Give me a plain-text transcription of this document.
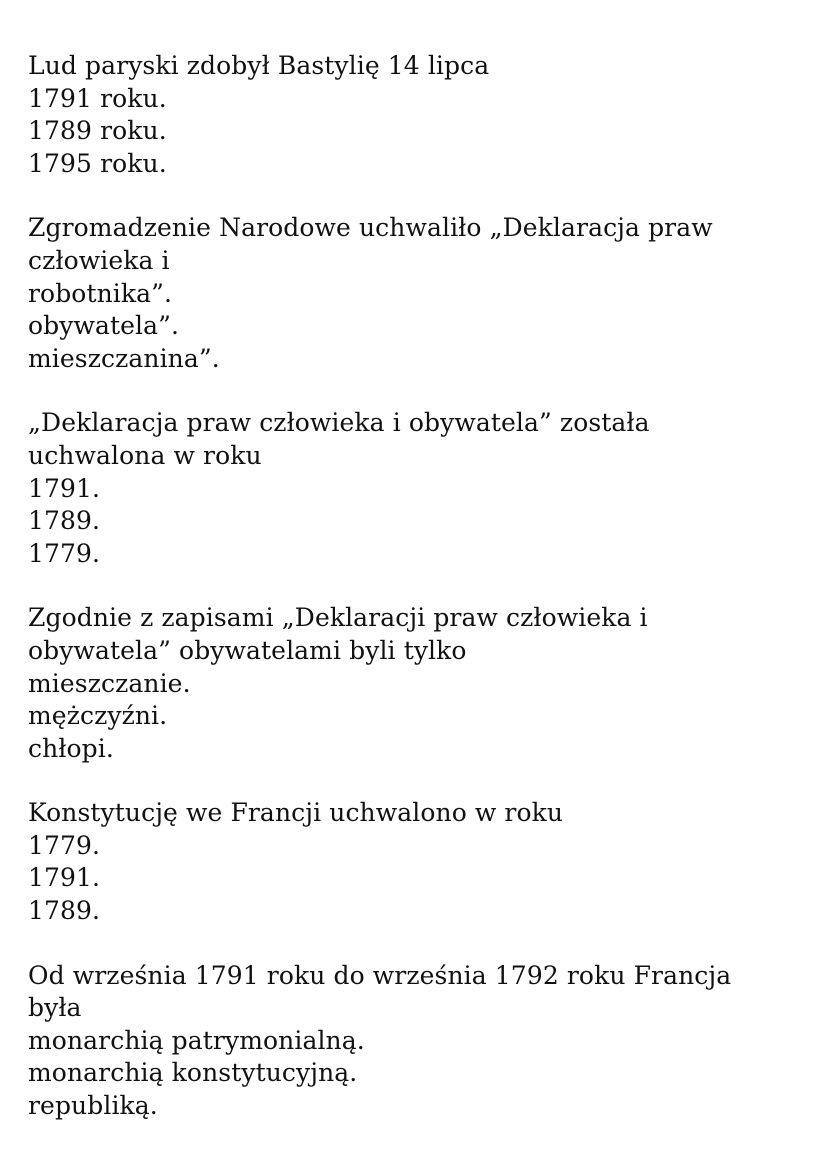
Lud paryski zdobył Bastylię 14 lipca
1791 roku.
1789 roku.
1795 roku.
Zgromadzenie Narodowe uchwaliło „Deklaracja praw
człowieka i
robotnika”.
obywatela”.
mieszczanina”.
„Deklaracja praw człowieka i obywatela” została
uchwalona w roku
1791.
1789.
1779.
Zgodnie z zapisami „Deklaracji praw człowieka i
obywatela” obywatelami byli tylko
mieszczanie.
mężczyźni.
chłopi.
Konstytucję we Francji uchwalono w roku
1779.
1791.
1789.
Od września 1791 roku do września 1792 roku Francja
była
monarchią patrymonialną.
monarchią konstytucyjną.
republiką.
